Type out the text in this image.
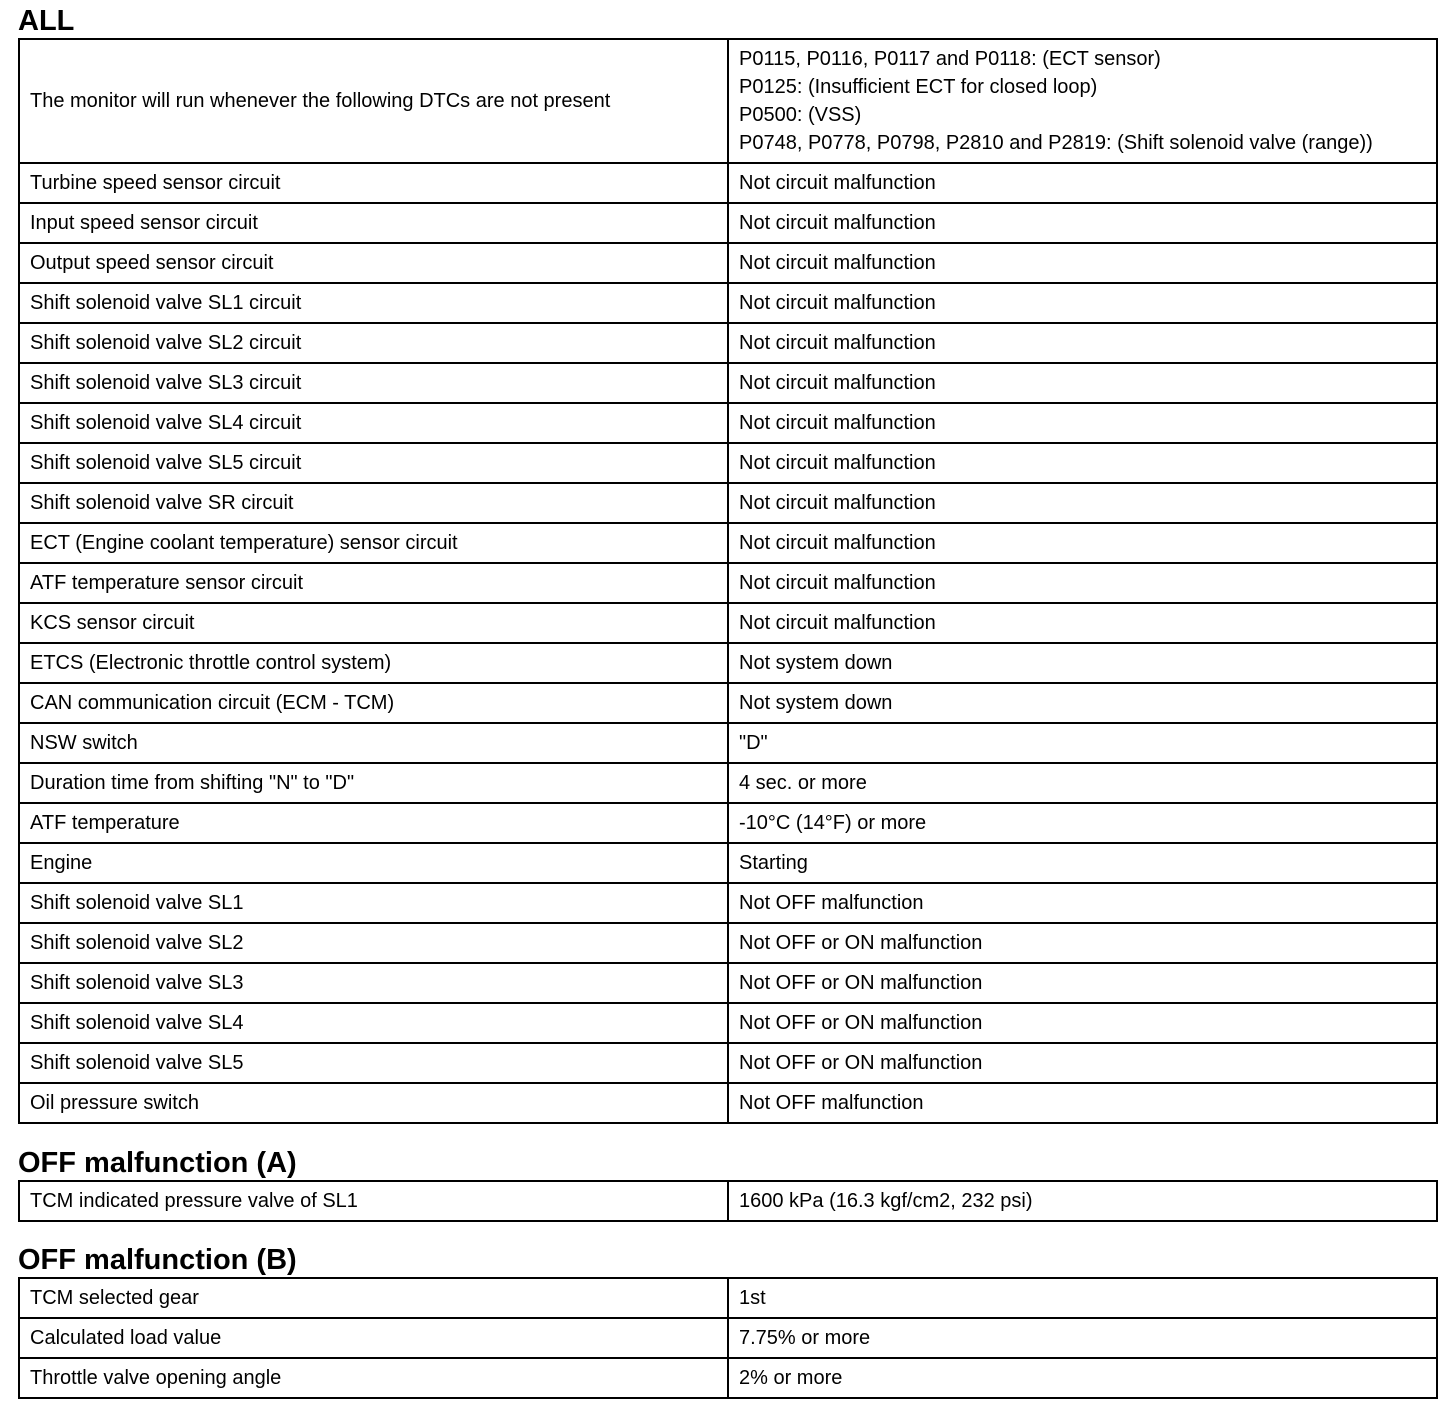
ALL
The monitor will run whenever the following DTCs are not present	P0115, P0116, P0117 and P0118: (ECT sensor)
P0125: (Insufficient ECT for closed loop)
P0500: (VSS)
P0748, P0778, P0798, P2810 and P2819: (Shift solenoid valve (range))

Turbine speed sensor circuit	Not circuit malfunction
Input speed sensor circuit	Not circuit malfunction
Output speed sensor circuit	Not circuit malfunction
Shift solenoid valve SL1 circuit	Not circuit malfunction
Shift solenoid valve SL2 circuit	Not circuit malfunction
Shift solenoid valve SL3 circuit	Not circuit malfunction
Shift solenoid valve SL4 circuit	Not circuit malfunction
Shift solenoid valve SL5 circuit	Not circuit malfunction
Shift solenoid valve SR circuit	Not circuit malfunction
ECT (Engine coolant temperature) sensor circuit	Not circuit malfunction
ATF temperature sensor circuit	Not circuit malfunction
KCS sensor circuit	Not circuit malfunction
ETCS (Electronic throttle control system)	Not system down
CAN communication circuit (ECM - TCM)	Not system down
NSW switch	"D"
Duration time from shifting "N" to "D"	4 sec. or more
ATF temperature	-10°C (14°F) or more
Engine	Starting
Shift solenoid valve SL1	Not OFF malfunction
Shift solenoid valve SL2	Not OFF or ON malfunction
Shift solenoid valve SL3	Not OFF or ON malfunction
Shift solenoid valve SL4	Not OFF or ON malfunction
Shift solenoid valve SL5	Not OFF or ON malfunction
Oil pressure switch	Not OFF malfunction
OFF malfunction (A)
TCM indicated pressure valve of SL1	1600 kPa (16.3 kgf/cm2, 232 psi)
OFF malfunction (B)
TCM selected gear	1st
Calculated load value	7.75% or more
Throttle valve opening angle	2% or more
